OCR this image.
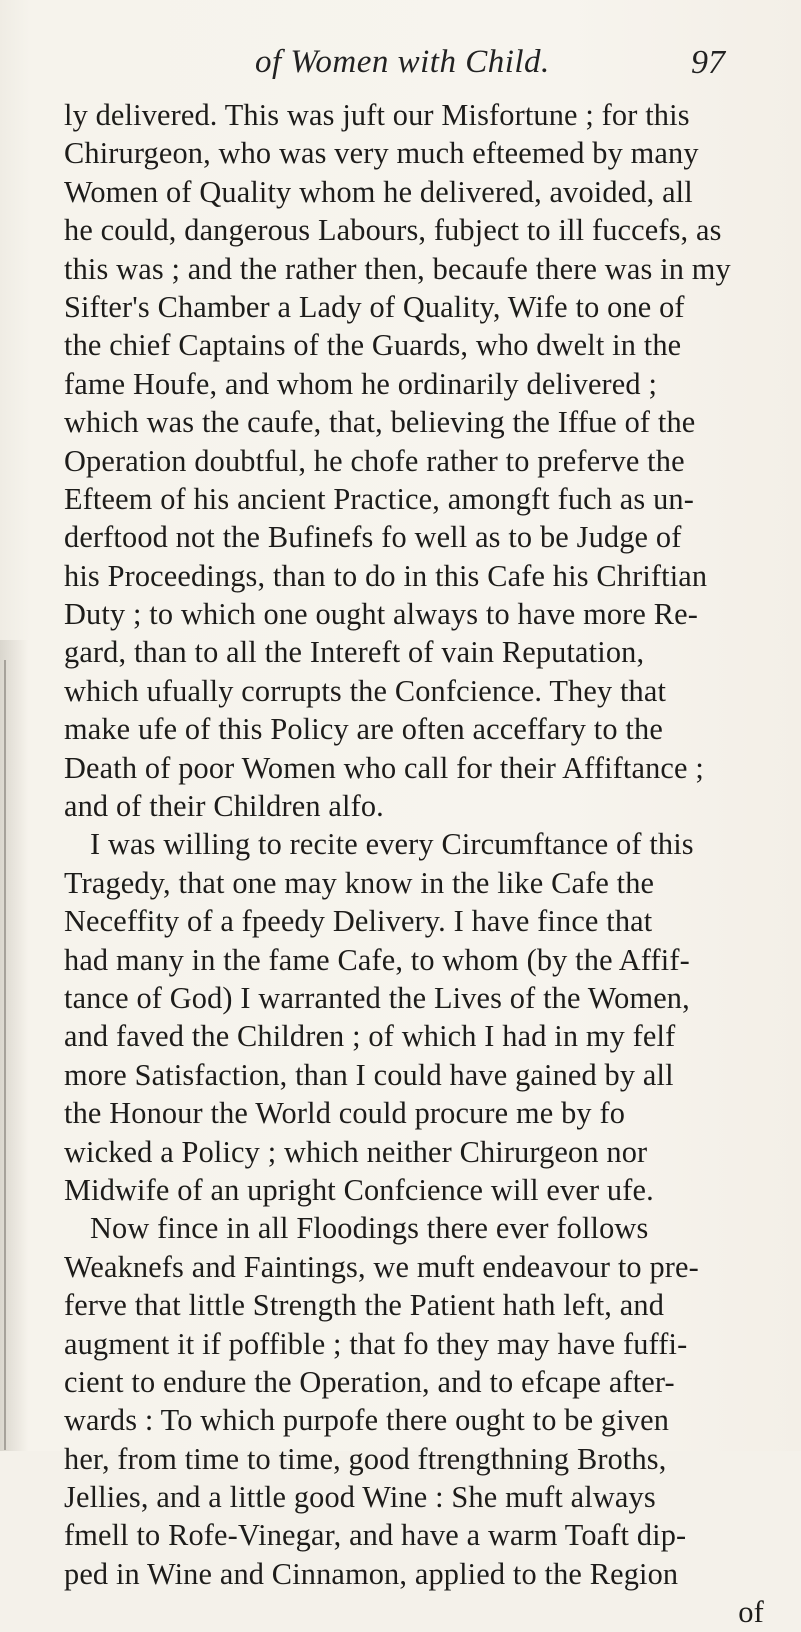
of Women with Child.	97
ly delivered. This was juft our Misfortune ; for this
Chirurgeon, who was very much efteemed by many
Women of Quality whom he delivered, avoided, all
he could, dangerous Labours, fubject to ill fuccefs, as
this was ; and the rather then, becaufe there was in my
Sifter's Chamber a Lady of Quality, Wife to one of
the chief Captains of the Guards, who dwelt in the
fame Houfe, and whom he ordinarily delivered ;
which was the caufe, that, believing the Iffue of the
Operation doubtful, he chofe rather to preferve the
Efteem of his ancient Practice, amongft fuch as un-
derftood not the Bufinefs fo well as to be Judge of
his Proceedings, than to do in this Cafe his Chriftian
Duty ; to which one ought always to have more Re-
gard, than to all the Intereft of vain Reputation,
which ufually corrupts the Confcience. They that
make ufe of this Policy are often acceffary to the
Death of poor Women who call for their Affiftance ;
and of their Children alfo.
I was willing to recite every Circumftance of this
Tragedy, that one may know in the like Cafe the
Neceffity of a fpeedy Delivery. I have fince that
had many in the fame Cafe, to whom (by the Affif-
tance of God) I warranted the Lives of the Women,
and faved the Children ; of which I had in my felf
more Satisfaction, than I could have gained by all
the Honour the World could procure me by fo
wicked a Policy ; which neither Chirurgeon nor
Midwife of an upright Confcience will ever ufe.
Now fince in all Floodings there ever follows
Weaknefs and Faintings, we muft endeavour to pre-
ferve that little Strength the Patient hath left, and
augment it if poffible ; that fo they may have fuffi-
cient to endure the Operation, and to efcape after-
wards : To which purpofe there ought to be given
her, from time to time, good ftrengthning Broths,
Jellies, and a little good Wine : She muft always
fmell to Rofe-Vinegar, and have a warm Toaft dip-
ped in Wine and Cinnamon, applied to the Region
of
